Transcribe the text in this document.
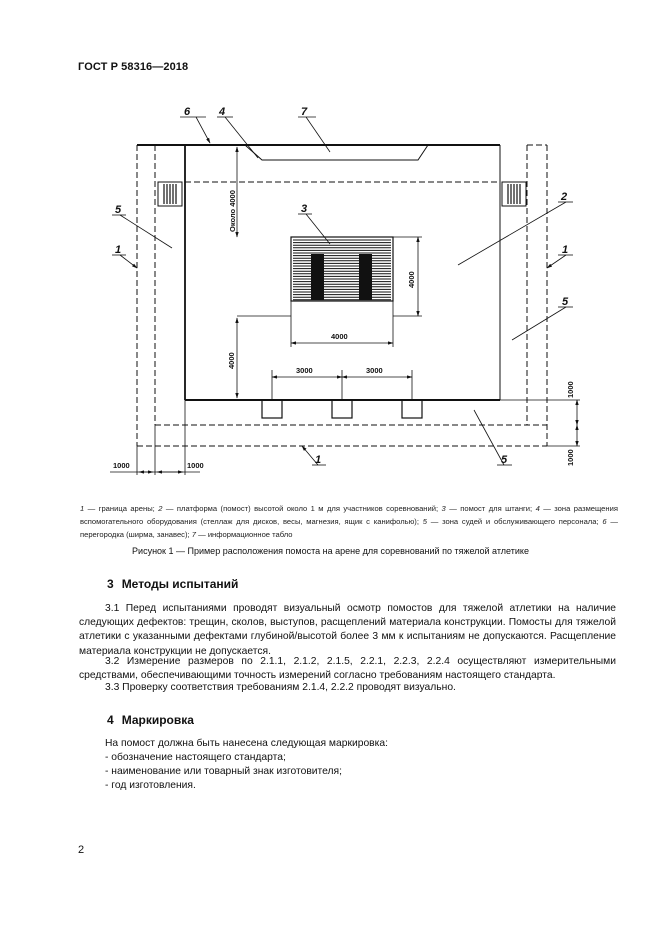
ГОСТ Р 58316—2018
6	4	7
2
3
5
1	1
5
1	5
Около 4000
4000
4000
4000
3000	3000
1000
1000
1000	1000
1 — граница арены; 2 — платформа (помост) высотой около 1 м для участников соревнований; 3 — помост для штанги; 4 — зона размещения вспомогательного оборудования (стеллаж для дисков, весы, магнезия, ящик с канифолью); 5 — зона судей и обслуживающего персонала; 6 — перегородка (ширма, занавес); 7 — информационное табло
Рисунок 1 — Пример расположения помоста на арене для соревнований по тяжелой атлетике
3 Методы испытаний
3.1 Перед испытаниями проводят визуальный осмотр помостов для тяжелой атлетики на наличие следующих дефектов: трещин, сколов, выступов, расщеплений материала конструкции. Помосты для тяжелой атлетики с указанными дефектами глубиной/высотой более 3 мм к испытаниям не допускаются. Расщепление материала конструкции не допускается.
3.2 Измерение размеров по 2.1.1, 2.1.2, 2.1.5, 2.2.1, 2.2.3, 2.2.4 осуществляют измерительными средствами, обеспечивающими точность измерений согласно требованиям настоящего стандарта.
3.3 Проверку соответствия требованиям 2.1.4, 2.2.2 проводят визуально.
4 Маркировка
На помост должна быть нанесена следующая маркировка:
- обозначение настоящего стандарта;
- наименование или товарный знак изготовителя;
- год изготовления.
2
